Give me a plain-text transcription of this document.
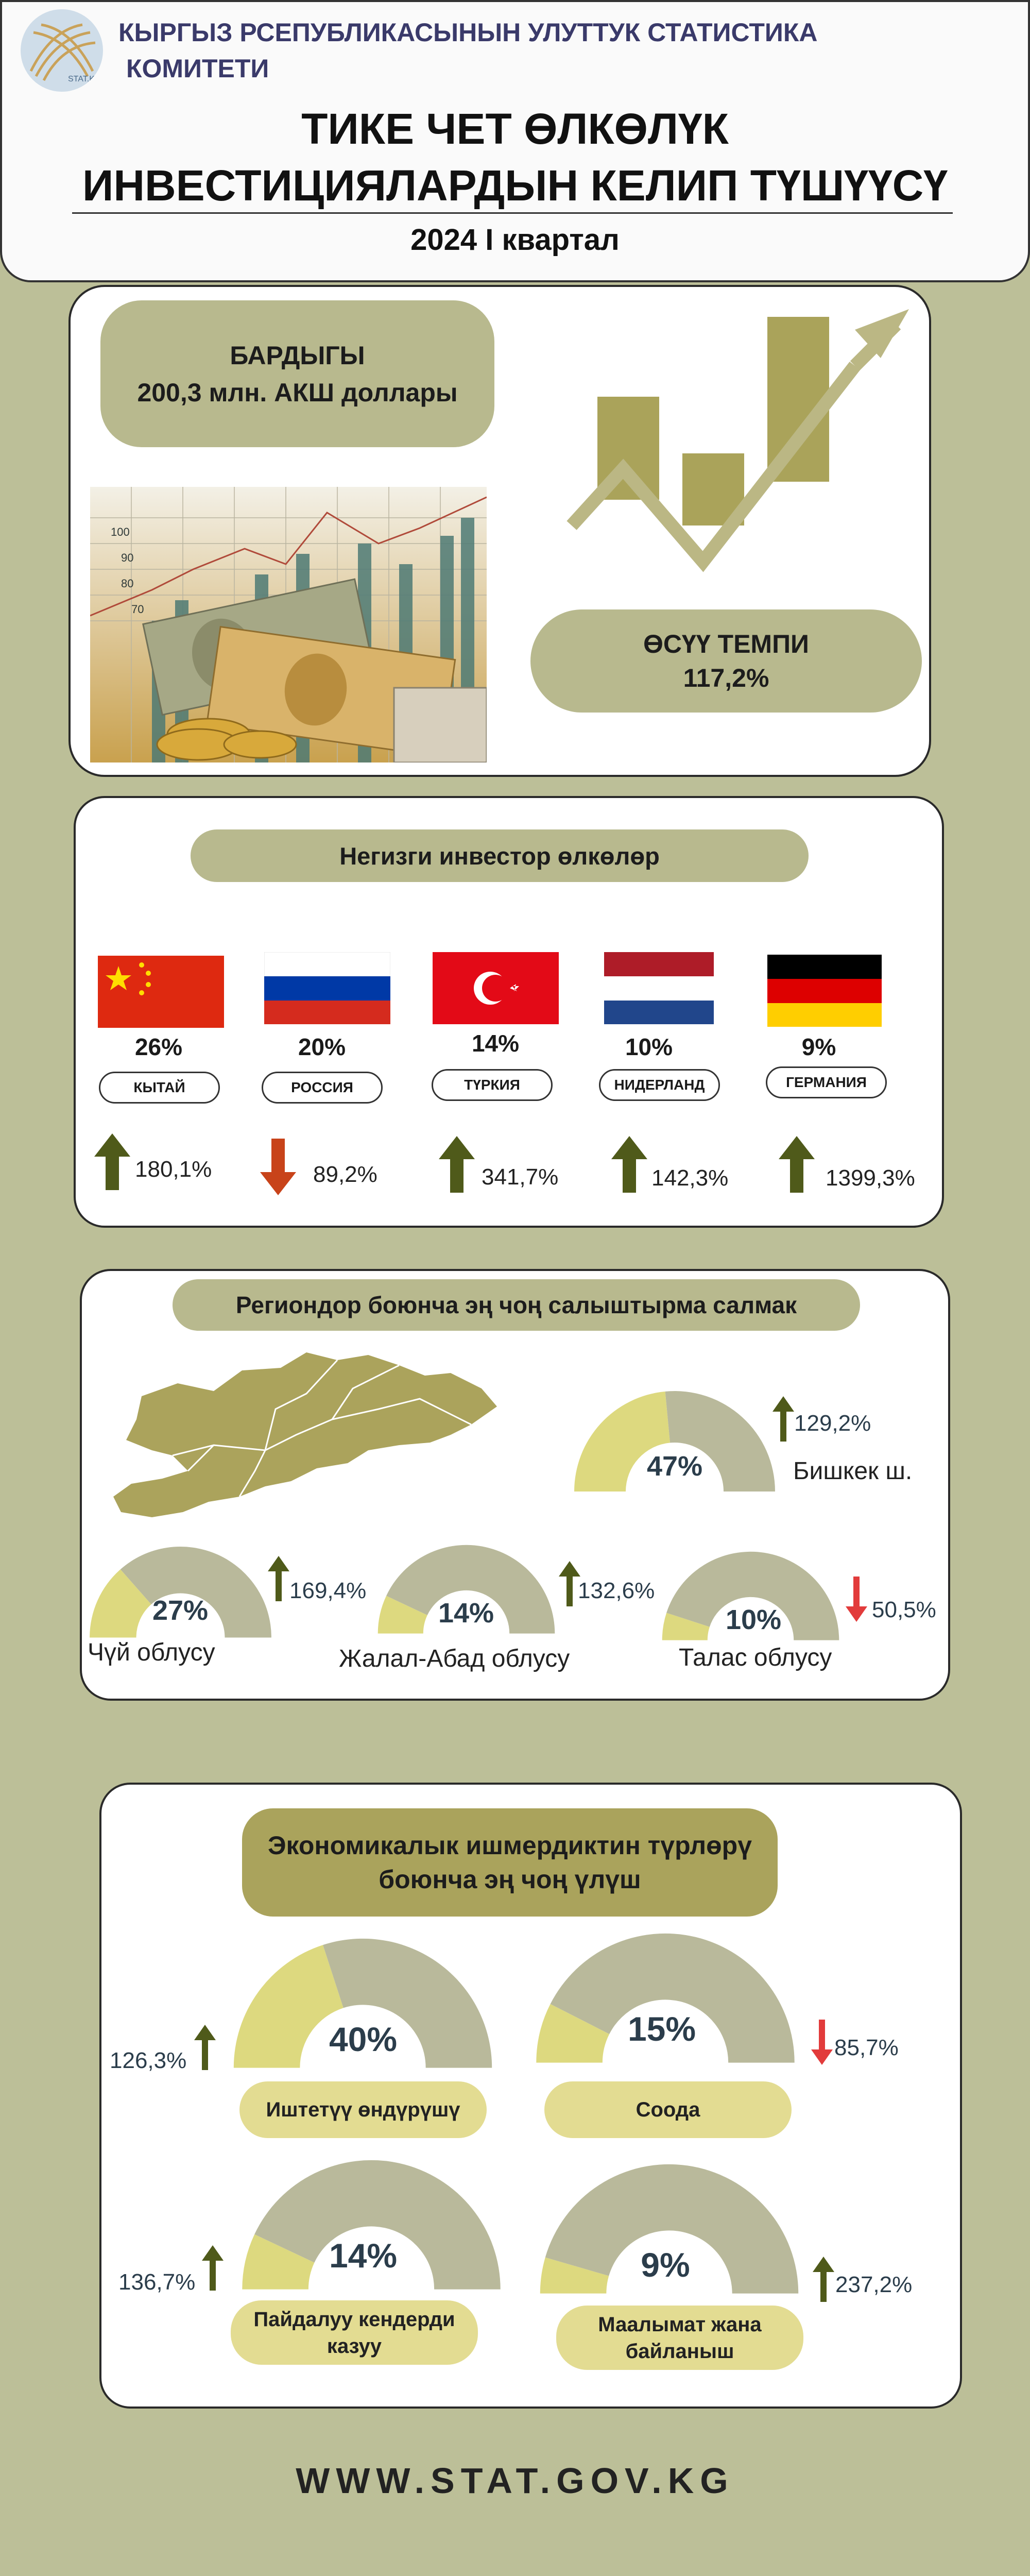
STAT.KG
КЫРГЫЗ РСЕПУБЛИКАСЫНЫН УЛУТТУК СТАТИСТИКА
КОМИТЕТИ
ТИКЕ ЧЕТ ӨЛКӨЛҮК
ИНВЕСТИЦИЯЛАРДЫН КЕЛИП ТҮШҮҮСҮ
2024 I квартал
БАРДЫГЫ
200,3 млн. АКШ доллары
100
90
80
70
ӨСҮҮ ТЕМПИ
117,2%
Негизги инвестор өлкөлөр
26%	20%	14%	10%	9%
КЫТАЙ	РОССИЯ	ТҮРКИЯ	НИДЕРЛАНД	ГЕРМАНИЯ
180,1%	89,2%	341,7%	142,3%	1399,3%
Региондор боюнча эң чоң салыштырма салмак
47%
129,2%
Бишкек ш.
27%
169,4%
Чүй облусу
14%
132,6%
Жалал-Абад облусу
10%	50,5%
Талас облусу
Экономикалык ишмердиктин түрлөрү
боюнча эң чоң үлүш
40%
126,3%
Иштетүү өндүрүшү
15%	85,7%
Соода
14%
136,7%
Пайдалуу кендерди
казуу
9%
237,2%
Маалымат жана
байланыш
WWW.STAT.GOV.KG
